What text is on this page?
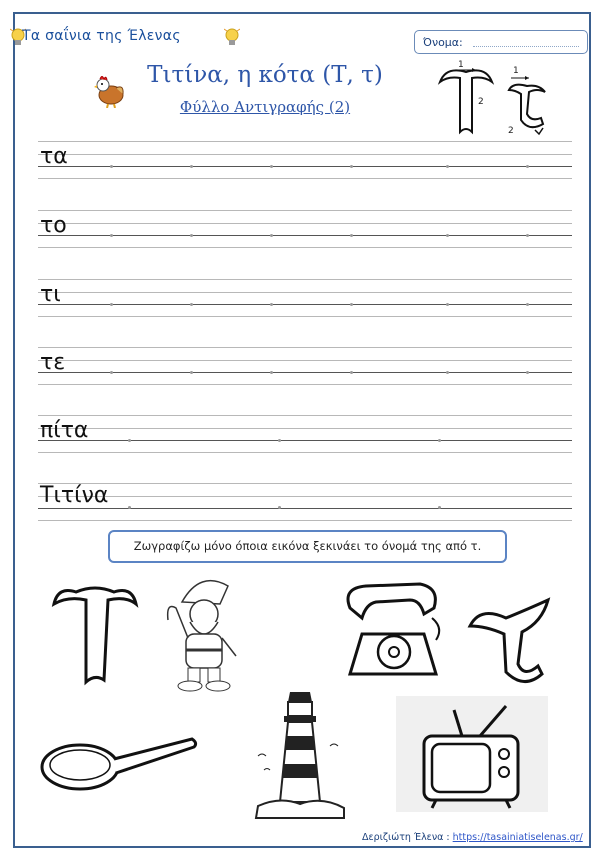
Τα σαΐνια της Έλενας	Όνομα:
Τιτίνα, η κότα (Τ, τ)
Φύλλο Αντιγραφής (2)
1
2
1
2
τα
το
τι
τε
πίτα
Τιτίνα
Ζωγραφίζω μόνο όποια εικόνα ξεκινάει το όνομά της από τ.
Δεριζιώτη Έλενα : https://tasainiatiselenas.gr/
